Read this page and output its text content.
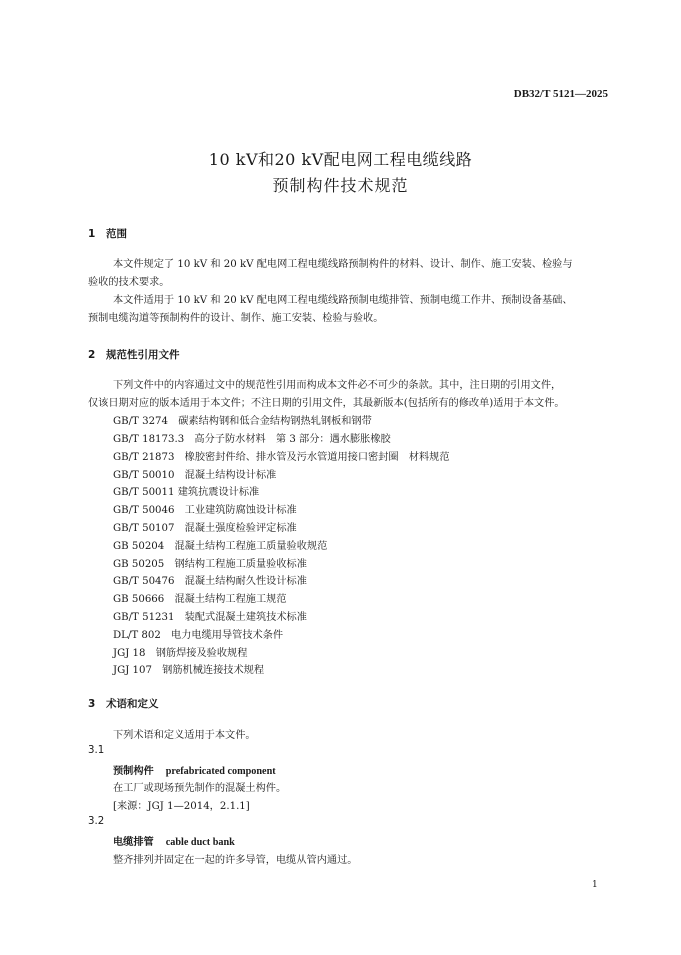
DB32/T 5121—2025
10 kV和20 kV配电网工程电缆线路
预制构件技术规范
1 范围
本文件规定了 10 kV 和 20 kV 配电网工程电缆线路预制构件的材料、设计、制作、施工安装、检验与
验收的技术要求。
本文件适用于 10 kV 和 20 kV 配电网工程电缆线路预制电缆排管、预制电缆工作井、预制设备基础、
预制电缆沟道等预制构件的设计、制作、施工安装、检验与验收。
2 规范性引用文件
下列文件中的内容通过文中的规范性引用而构成本文件必不可少的条款。其中，注日期的引用文件，
仅该日期对应的版本适用于本文件；不注日期的引用文件，其最新版本(包括所有的修改单)适用于本文件。
GB/T 3274　碳素结构钢和低合金结构钢热轧钢板和钢带
GB/T 18173.3　高分子防水材料　第 3 部分：遇水膨胀橡胶
GB/T 21873　橡胶密封件给、排水管及污水管道用接口密封圈　材料规范
GB/T 50010　混凝土结构设计标准
GB/T 50011 建筑抗震设计标准
GB/T 50046　工业建筑防腐蚀设计标准
GB/T 50107　混凝土强度检验评定标准
GB 50204　混凝土结构工程施工质量验收规范
GB 50205　钢结构工程施工质量验收标准
GB/T 50476　混凝土结构耐久性设计标准
GB 50666　混凝土结构工程施工规范
GB/T 51231　装配式混凝土建筑技术标准
DL/T 802　电力电缆用导管技术条件
JGJ 18　钢筋焊接及验收规程
JGJ 107　钢筋机械连接技术规程
3 术语和定义
下列术语和定义适用于本文件。
3.1
预制构件 prefabricated component
在工厂或现场预先制作的混凝土构件。
[来源：JGJ 1—2014，2.1.1]
3.2
电缆排管 cable duct bank
整齐排列并固定在一起的许多导管，电缆从管内通过。
1
